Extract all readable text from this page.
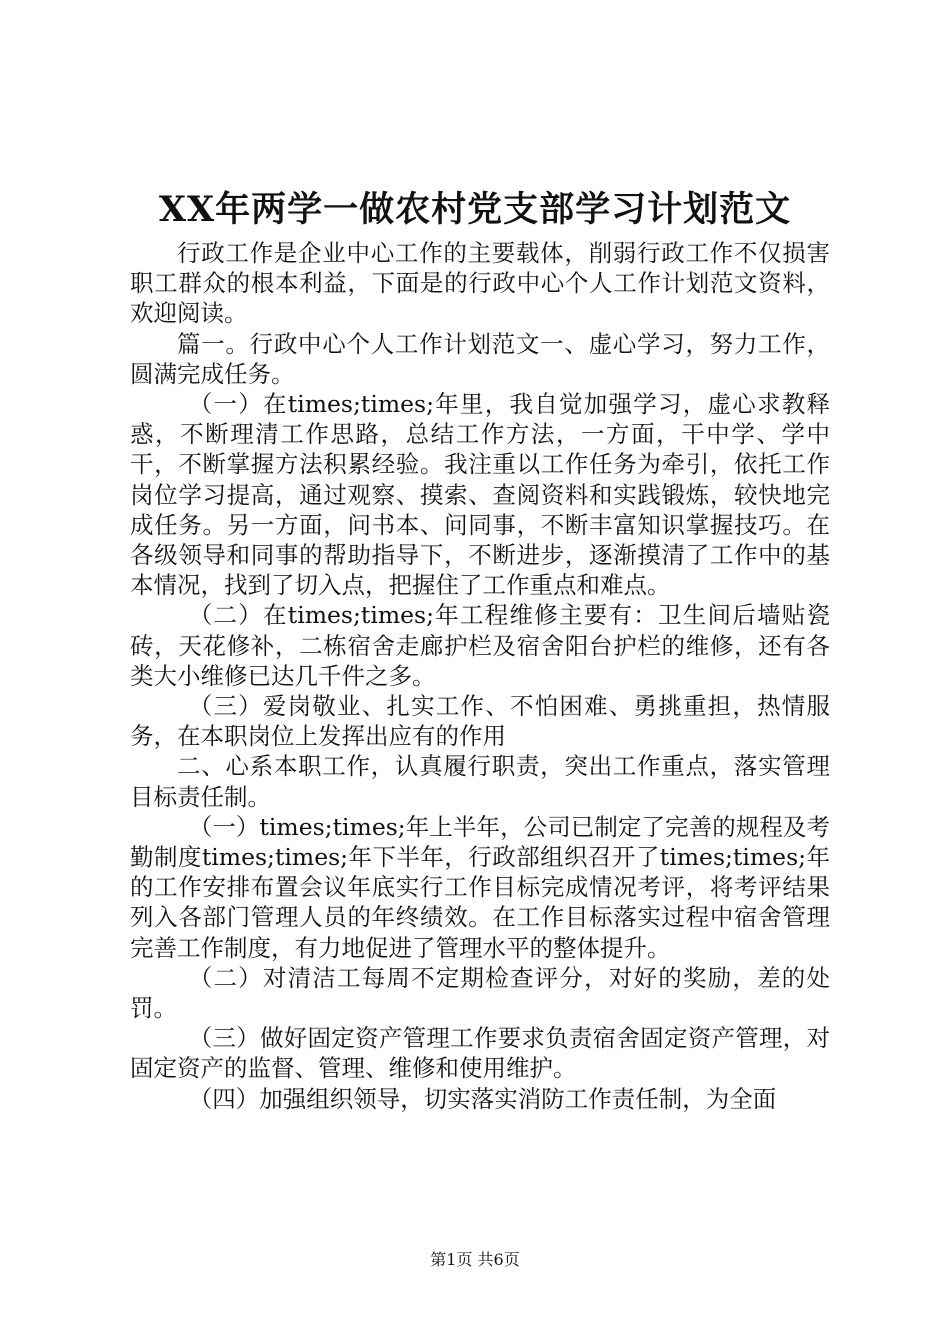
XX年两学一做农村党支部学习计划范文

行政工作是企业中心工作的主要载体，削弱行政工作不仅损害职工群众的根本利益，下面是的行政中心个人工作计划范文资料，欢迎阅读。

篇一。行政中心个人工作计划范文一、虚心学习，努力工作，圆满完成任务。

（一）在times;times;年里，我自觉加强学习，虚心求教释惑，不断理清工作思路，总结工作方法，一方面，干中学、学中干，不断掌握方法积累经验。我注重以工作任务为牵引，依托工作岗位学习提高，通过观察、摸索、查阅资料和实践锻炼，较快地完成任务。另一方面，问书本、问同事，不断丰富知识掌握技巧。在各级领导和同事的帮助指导下，不断进步，逐渐摸清了工作中的基本情况，找到了切入点，把握住了工作重点和难点。

（二）在times;times;年工程维修主要有：卫生间后墙贴瓷砖，天花修补，二栋宿舍走廊护栏及宿舍阳台护栏的维修，还有各类大小维修已达几千件之多。

（三）爱岗敬业、扎实工作、不怕困难、勇挑重担，热情服务，在本职岗位上发挥出应有的作用

二、心系本职工作，认真履行职责，突出工作重点，落实管理目标责任制。

（一）times;times;年上半年，公司已制定了完善的规程及考勤制度times;times;年下半年，行政部组织召开了times;times;年的工作安排布置会议年底实行工作目标完成情况考评，将考评结果列入各部门管理人员的年终绩效。在工作目标落实过程中宿舍管理完善工作制度，有力地促进了管理水平的整体提升。

（二）对清洁工每周不定期检查评分，对好的奖励，差的处罚。

（三）做好固定资产管理工作要求负责宿舍固定资产管理，对固定资产的监督、管理、维修和使用维护。

（四）加强组织领导，切实落实消防工作责任制，为全面

第1页 共6页
